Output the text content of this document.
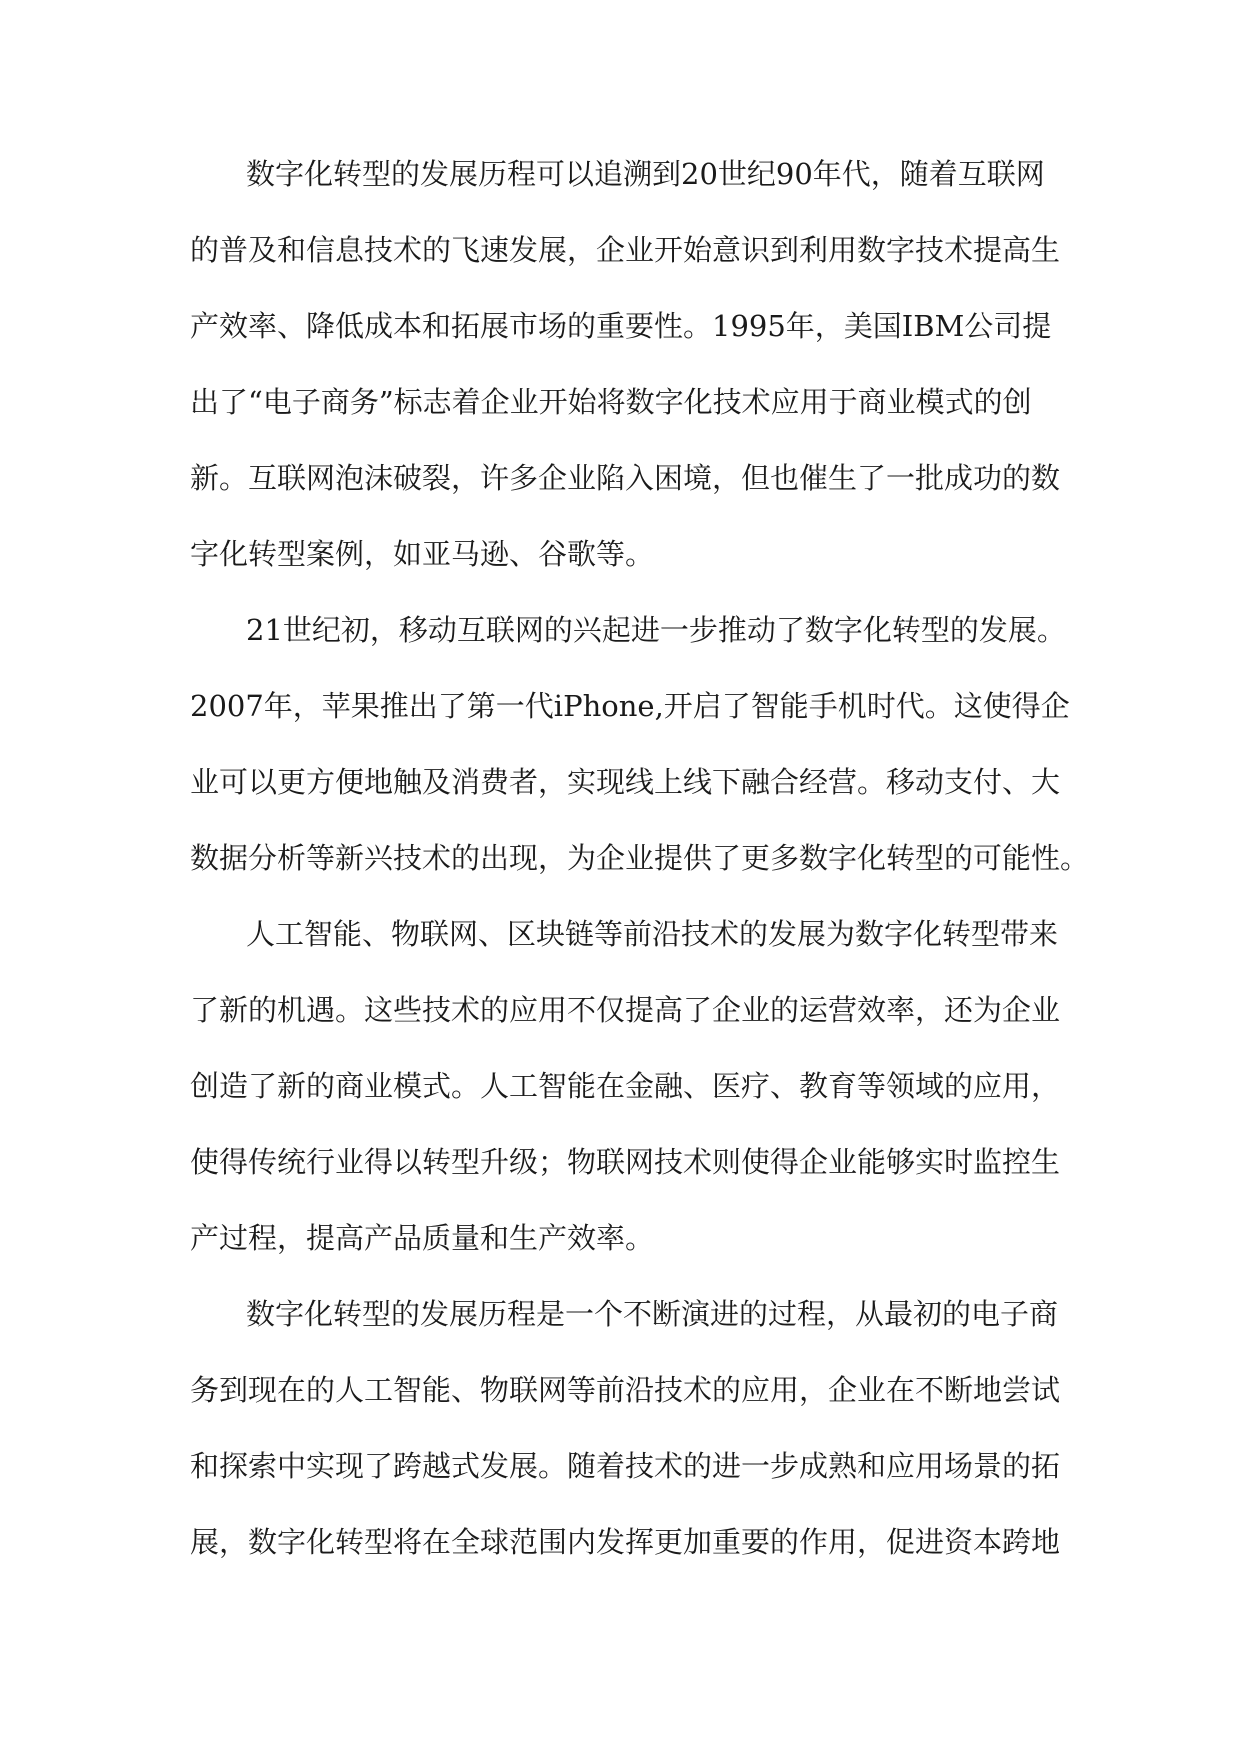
数字化转型的发展历程可以追溯到20世纪90年代，随着互联网
的普及和信息技术的飞速发展，企业开始意识到利用数字技术提高生
产效率、降低成本和拓展市场的重要性。1995年，美国IBM公司提
出了“电子商务”标志着企业开始将数字化技术应用于商业模式的创
新。互联网泡沫破裂，许多企业陷入困境，但也催生了一批成功的数
字化转型案例，如亚马逊、谷歌等。
21世纪初，移动互联网的兴起进一步推动了数字化转型的发展。
2007年，苹果推出了第一代iPhone,开启了智能手机时代。这使得企
业可以更方便地触及消费者，实现线上线下融合经营。移动支付、大
数据分析等新兴技术的出现，为企业提供了更多数字化转型的可能性。
人工智能、物联网、区块链等前沿技术的发展为数字化转型带来
了新的机遇。这些技术的应用不仅提高了企业的运营效率，还为企业
创造了新的商业模式。人工智能在金融、医疗、教育等领域的应用，
使得传统行业得以转型升级；物联网技术则使得企业能够实时监控生
产过程，提高产品质量和生产效率。
数字化转型的发展历程是一个不断演进的过程，从最初的电子商
务到现在的人工智能、物联网等前沿技术的应用，企业在不断地尝试
和探索中实现了跨越式发展。随着技术的进一步成熟和应用场景的拓
展，数字化转型将在全球范围内发挥更加重要的作用，促进资本跨地
